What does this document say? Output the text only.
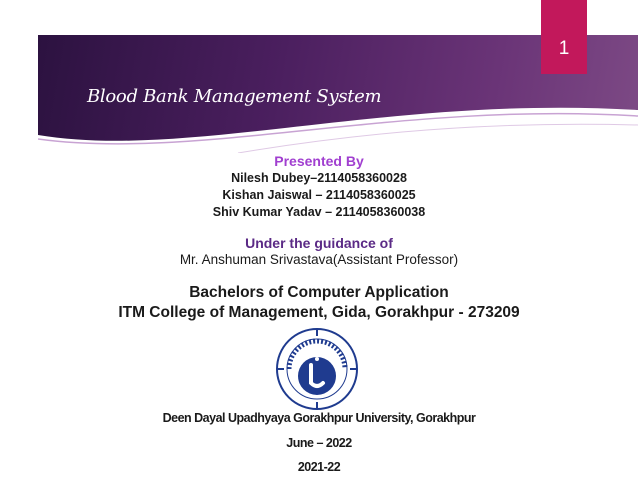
1
Blood Bank Management System
Presented By
Nilesh Dubey–2114058360028
Kishan Jaiswal – 2114058360025
Shiv Kumar Yadav – 2114058360038
Under the guidance of
Mr. Anshuman Srivastava(Assistant Professor)
Bachelors of Computer Application
ITM College of Management, Gida, Gorakhpur - 273209
Deen Dayal Upadhyaya Gorakhpur University, Gorakhpur
June – 2022
2021-22
